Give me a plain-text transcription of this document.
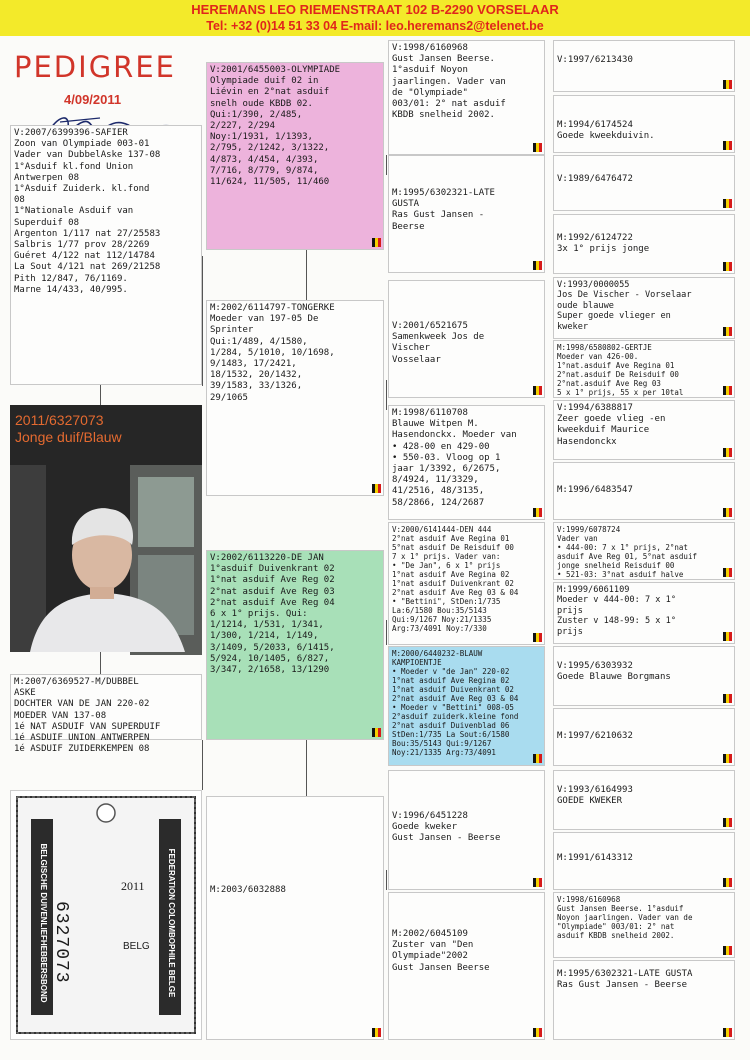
HEREMANS LEO RIEMENSTRAAT 102 B-2290 VORSELAAR
Tel: +32 (0)14 51 33 04 E-mail: leo.heremans2@telenet.be
PEDIGREE
4/09/2011
V:2007/6399396-SAFIER
Zoon van Olympiade 003-01
Vader van DubbelAske 137-08
1°Asduif kl.fond Union
Antwerpen 08
1°Asduif Zuiderk. kl.fond
08
1°Nationale Asduif van
Superduif 08
Argenton 1/117 nat 27/25583
Salbris 1/77 prov 28/2269
Guéret 4/122 nat 112/14784
La Sout 4/121 nat 269/21258
Pith 12/847, 76/1169.
Marne 14/433, 40/995.
M:2007/6369527-M/DUBBEL
ASKE
DOCHTER VAN DE JAN 220-02
MOEDER VAN 137-08
1é NAT ASDUIF VAN SUPERDUIF
1é ASDUIF UNION ANTWERPEN
1é ASDUIF ZUIDERKEMPEN 08
V:2001/6455003-OLYMPIADE
Olympiade duif 02 in
Liévin en 2°nat asduif
snelh oude KBDB 02.
Qui:1/390, 2/485,
2/227, 2/294
Noy:1/1931, 1/1393,
2/795, 2/1242, 3/1322,
4/873, 4/454, 4/393,
7/716, 8/779, 9/874,
11/624, 11/505, 11/460
M:2002/6114797-TONGERKE
Moeder van 197-05 De
Sprinter
Qui:1/489, 4/1580,
1/284, 5/1010, 10/1698,
9/1483, 17/2421,
18/1532, 20/1432,
39/1583, 33/1326,
29/1065
V:2002/6113220-DE JAN
1°asduif Duivenkrant 02
1°nat asduif Ave Reg 02
2°nat asduif Ave Reg 03
2°nat asduif Ave Reg 04
6 x 1° prijs. Qui:
1/1214, 1/531, 1/341,
1/300, 1/214, 1/149,
3/1409, 5/2033, 6/1415,
5/924, 10/1405, 6/827,
3/347, 2/1658, 13/1290
M:2003/6032888
V:1998/6160968
Gust Jansen Beerse.
1°asduif Noyon
jaarlingen. Vader van
de "Olympiade"
003/01: 2° nat asduif
KBDB snelheid 2002.
M:1995/6302321-LATE
GUSTA
Ras Gust Jansen -
Beerse
V:2001/6521675
Samenkweek Jos de
Vischer
Vosselaar
M:1998/6110708
Blauwe Witpen M.
Hasendonckx. Moeder van
• 428-00 en 429-00
• 550-03. Vloog op 1
jaar 1/3392, 6/2675,
8/4924, 11/3329,
41/2516, 48/3135,
58/2866, 124/2687
V:2000/6141444-DEN 444
2°nat asduif Ave Regina 01
5°nat asduif De Reisduif 00
7 x 1° prijs. Vader van:
• "De Jan", 6 x 1° prijs
1°nat asduif Ave Regina 02
1°nat asduif Duivenkrant 02
2°nat asduif Ave Reg 03 & 04
• "Bettini", StDen:1/735
La:6/1580 Bou:35/5143
Qui:9/1267 Noy:21/1335
Arg:73/4091 Noy:7/330
M:2000/6440232-BLAUW
KAMPIOENTJE
• Moeder v "de Jan" 220-02
1°nat asduif Ave Regina 02
1°nat asduif Duivenkrant 02
2°nat asduif Ave Reg 03 & 04
• Moeder v "Bettini" 008-05
2°asduif zuiderk.kleine fond
2°nat asduif Duivenblad 06
StDen:1/735 La Sout:6/1580
Bou:35/5143 Qui:9/1267
Noy:21/1335 Arg:73/4091
V:1996/6451228
Goede kweker
Gust Jansen - Beerse
M:2002/6045109
Zuster van "Den
Olympiade"2002
Gust Jansen Beerse
V:1997/6213430
M:1994/6174524
Goede kweekduivin.
V:1989/6476472
M:1992/6124722
3x 1° prijs jonge
V:1993/0000055
Jos De Vischer - Vorselaar
oude blauwe
Super goede vlieger en
kweker
M:1998/6580802-GERTJE
Moeder van 426-00.
1°nat.asduif Ave Regina 01
2°nat.asduif De Reisduif 00
2°nat.asduif Ave Reg 03
5 x 1° prijs, 55 x per 10tal
V:1994/6388817
Zeer goede vlieg -en
kweekduif Maurice
Hasendonckx
M:1996/6483547
V:1999/6078724
Vader van
• 444-00: 7 x 1° prijs, 2°nat
asduif Ave Reg 01, 5°nat asduif
jonge snelheid Reisduif 00
• 521-03: 3°nat asduif halve
M:1999/6061109
Moeder v 444-00: 7 x 1°
prijs
Zuster v 148-99: 5 x 1°
prijs
V:1995/6303932
Goede Blauwe Borgmans
M:1997/6210632
V:1993/6164993
GOEDE KWEKER
M:1991/6143312
V:1998/6160968
Gust Jansen Beerse. 1°asduif
Noyon jaarlingen. Vader van de
"Olympiade" 003/01: 2° nat
asduif KBDB snelheid 2002.
M:1995/6302321-LATE GUSTA
Ras Gust Jansen - Beerse
2011/6327073
Jonge duif/Blauw
BELGISCHE DUIVENLIEFHEBBERSBOND	FEDERATION COLOMBOPHILE BELGE
2011
6327073	BELG
